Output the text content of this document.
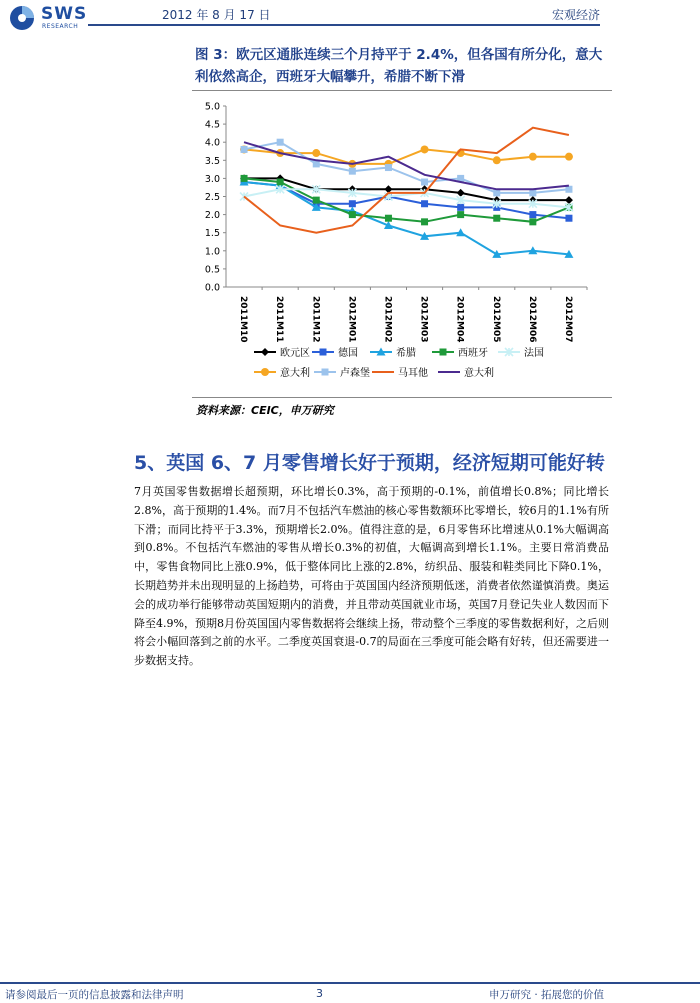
SWS
RESEARCH
2012 年 8 月 17 日	宏观经济
图 3：欧元区通胀连续三个月持平于 2.4%，但各国有所分化，意大利依然高企，西班牙大幅攀升，希腊不断下滑
0.0
0.5
1.0
1.5
2.0
2.5
3.0
3.5
4.0
4.5
5.0
2011M10	2011M11	2011M12	2012M01	2012M02	2012M03	2012M04	2012M05	2012M06	2012M07
欧元区	德国	希腊	西班牙	法国
意大利	卢森堡	马耳他	意大利
资料来源：CEIC，申万研究
5、英国 6、7 月零售增长好于预期，经济短期可能好转
7月英国零售数据增长超预期，环比增长0.3%，高于预期的-0.1%，前值增长0.8%；同比增长2.8%，高于预期的1.4%。而7月不包括汽车燃油的核心零售数额环比零增长，较6月的1.1%有所下滑；而同比持平于3.3%，预期增长2.0%。值得注意的是，6月零售环比增速从0.1%大幅调高到0.8%。不包括汽车燃油的零售从增长0.3%的初值，大幅调高到增长1.1%。主要日常消费品中，零售食物同比上涨0.9%，低于整体同比上涨的2.8%，纺织品、服装和鞋类同比下降0.1%，长期趋势并未出现明显的上扬趋势，可将由于英国国内经济预期低迷，消费者依然谨慎消费。奥运会的成功举行能够带动英国短期内的消费，并且带动英国就业市场，英国7月登记失业人数因而下降至4.9%，预期8月份英国国内零售数据将会继续上扬，带动整个三季度的零售数据利好，之后则将会小幅回落到之前的水平。二季度英国衰退-0.7的局面在三季度可能会略有好转，但还需要进一步数据支持。
请参阅最后一页的信息披露和法律声明	3	申万研究 · 拓展您的价值
